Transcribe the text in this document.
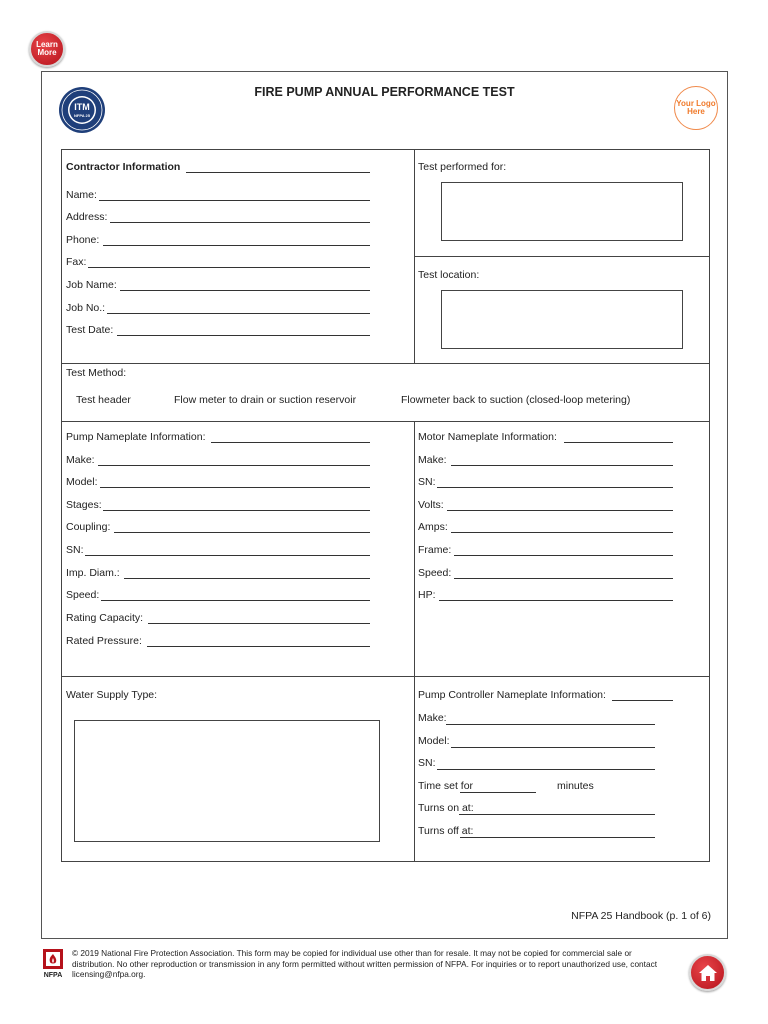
Learn
More
ITM
NFPA 25
FIRE PUMP ANNUAL PERFORMANCE TEST
Your Logo
Here
Contractor Information
Name:
Address:
Phone:
Fax:
Job Name:
Job No.:
Test Date:
Test performed for:
Test location:
Test Method:
Test header	Flow meter to drain or suction reservoir	Flowmeter back to suction (closed-loop metering)
Pump Nameplate Information:
Make:
Model:
Stages:
Coupling:
SN:
Imp. Diam.:
Speed:
Rating Capacity:
Rated Pressure:
Motor Nameplate Information:
Make:
SN:
Volts:
Amps:
Frame:
Speed:
HP:
Water Supply Type:	Pump Controller Nameplate Information:
Make:
Model:
SN:
Time set for	minutes
Turns on at:
Turns off at:
NFPA 25 Handbook (p. 1 of 6)
NFPA
© 2019 National Fire Protection Association. This form may be copied for individual use other than for resale. It may not be copied for commercial sale or distribution. No other reproduction or transmission in any form permitted without written permission of NFPA. For inquiries or to report unauthorized use, contact licensing@nfpa.org.
